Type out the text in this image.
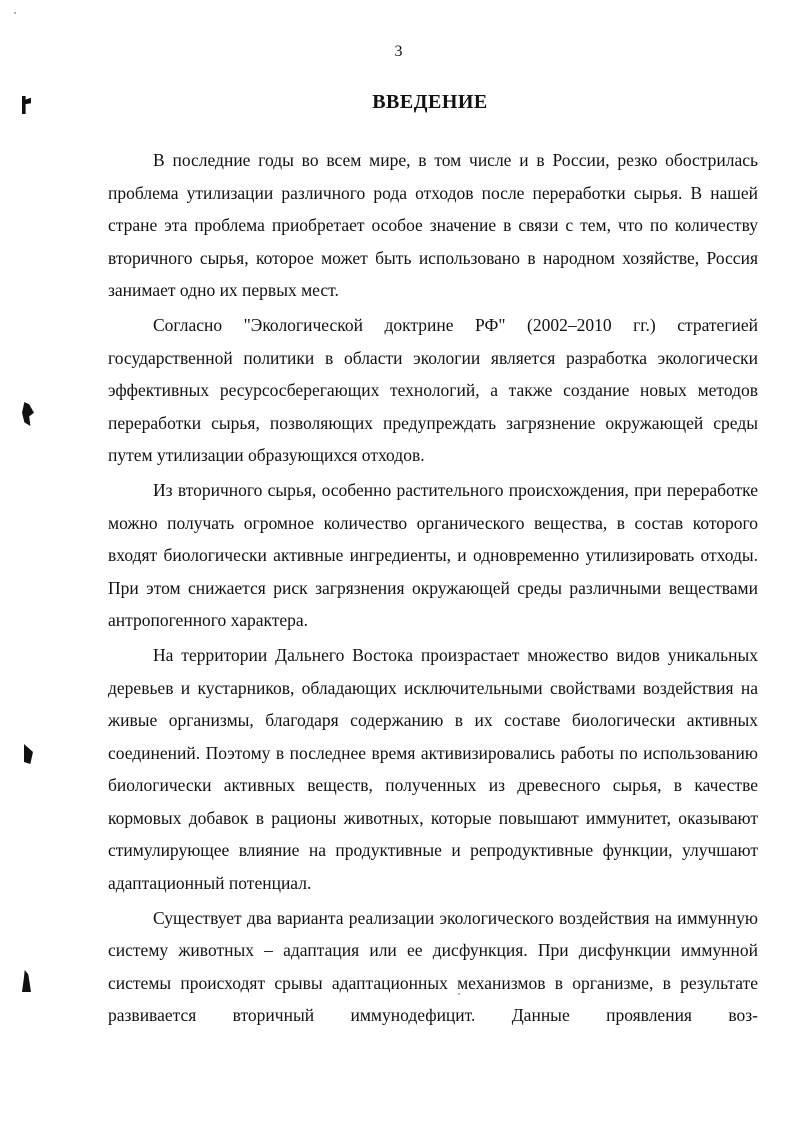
3
ВВЕДЕНИЕ

В последние годы во всем мире, в том числе и в России, резко обострилась проблема утилизации различного рода отходов после переработки сырья. В нашей стране эта проблема приобретает особое значение в связи с тем, что по количеству вторичного сырья, которое может быть использовано в народном хозяйстве, Россия занимает одно их первых мест.

Согласно "Экологической доктрине РФ" (2002–2010 гг.) стратегией государственной политики в области экологии является разработка экологически эффективных ресурсосберегающих технологий, а также создание новых методов переработки сырья, позволяющих предупреждать загрязнение окружающей среды путем утилизации образующихся отходов.

Из вторичного сырья, особенно растительного происхождения, при переработке можно получать огромное количество органического вещества, в состав которого входят биологически активные ингредиенты, и одновременно утилизировать отходы. При этом снижается риск загрязнения окружающей среды различными веществами антропогенного характера.

На территории Дальнего Востока произрастает множество видов уникальных деревьев и кустарников, обладающих исключительными свойствами воздействия на живые организмы, благодаря содержанию в их составе биологически активных соединений. Поэтому в последнее время активизировались работы по использованию биологически активных веществ, полученных из древесного сырья, в качестве кормовых добавок в рационы животных, которые повышают иммунитет, оказывают стимулирующее влияние на продуктивные и репродуктивные функции, улучшают адаптационный потенциал.

Существует два варианта реализации экологического воздействия на иммунную систему животных – адаптация или ее дисфункция. При дисфункции иммунной системы происходят срывы адаптационных механизмов в организме, в результате развивается вторичный иммунодефицит. Данные проявления воз-
